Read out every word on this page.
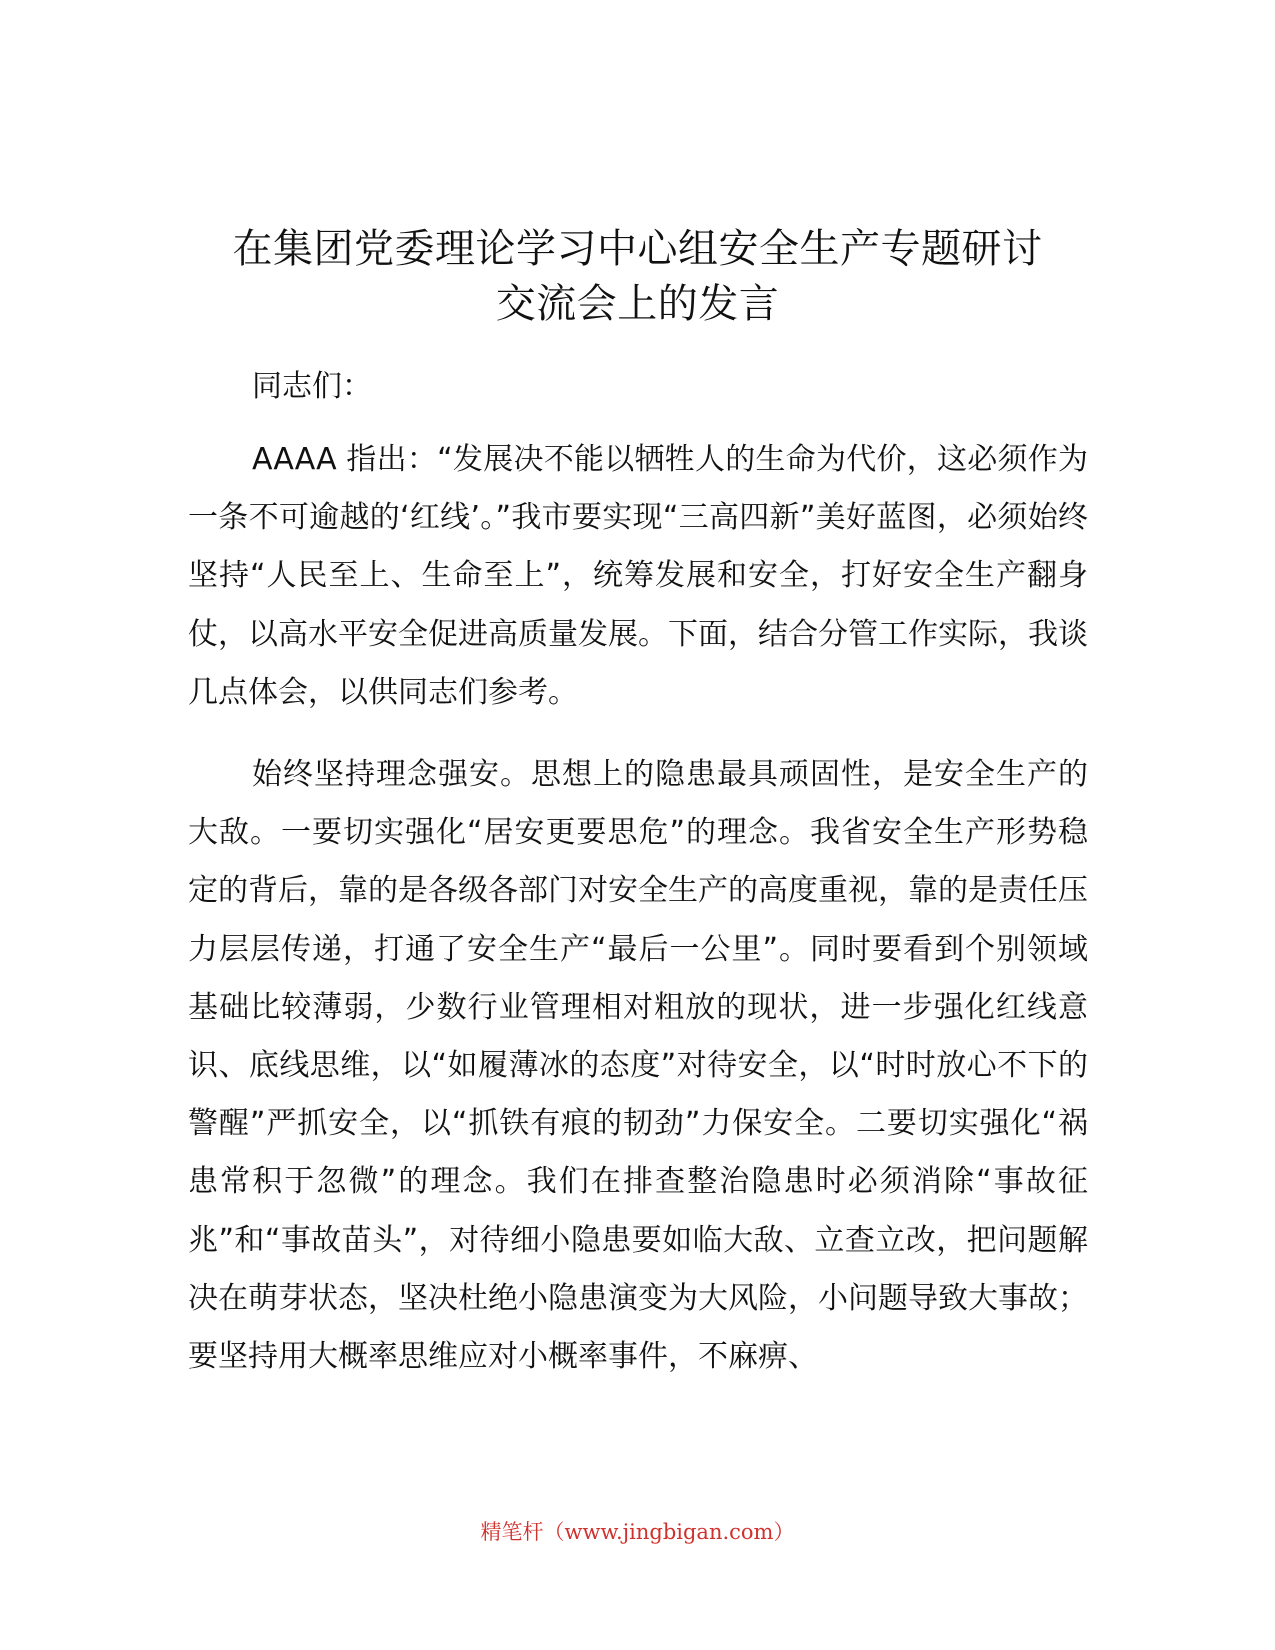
在集团党委理论学习中心组安全生产专题研讨
交流会上的发言

同志们：

AAAA 指出：“发展决不能以牺牲人的生命为代价，这必须作为一条不可逾越的‘红线’。”我市要实现“三高四新”美好蓝图，必须始终坚持“人民至上、生命至上”，统筹发展和安全，打好安全生产翻身仗，以高水平安全促进高质量发展。下面，结合分管工作实际，我谈几点体会，以供同志们参考。

始终坚持理念强安。思想上的隐患最具顽固性，是安全生产的大敌。一要切实强化“居安更要思危”的理念。我省安全生产形势稳定的背后，靠的是各级各部门对安全生产的高度重视，靠的是责任压力层层传递，打通了安全生产“最后一公里”。同时要看到个别领域基础比较薄弱，少数行业管理相对粗放的现状，进一步强化红线意识、底线思维，以“如履薄冰的态度”对待安全，以“时时放心不下的警醒”严抓安全，以“抓铁有痕的韧劲”力保安全。二要切实强化“祸患常积于忽微”的理念。我们在排查整治隐患时必须消除“事故征兆”和“事故苗头”，对待细小隐患要如临大敌、立查立改，把问题解决在萌芽状态，坚决杜绝小隐患演变为大风险，小问题导致大事故；要坚持用大概率思维应对小概率事件，不麻痹、

精笔杆（www.jingbigan.com）
